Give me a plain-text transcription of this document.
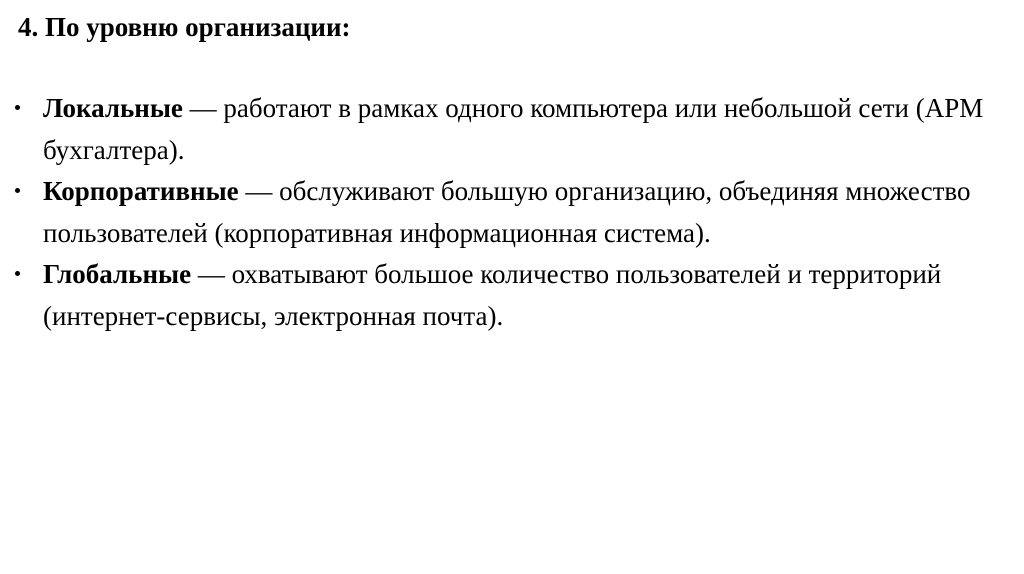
4. По уровню организации:
Локальные — работают в рамках одного компьютера или небольшой сети (АРМ бухгалтера).
Корпоративные — обслуживают большую организацию, объединяя множество пользователей (корпоративная информационная система).
Глобальные — охватывают большое количество пользователей и территорий (интернет-сервисы, электронная почта).
